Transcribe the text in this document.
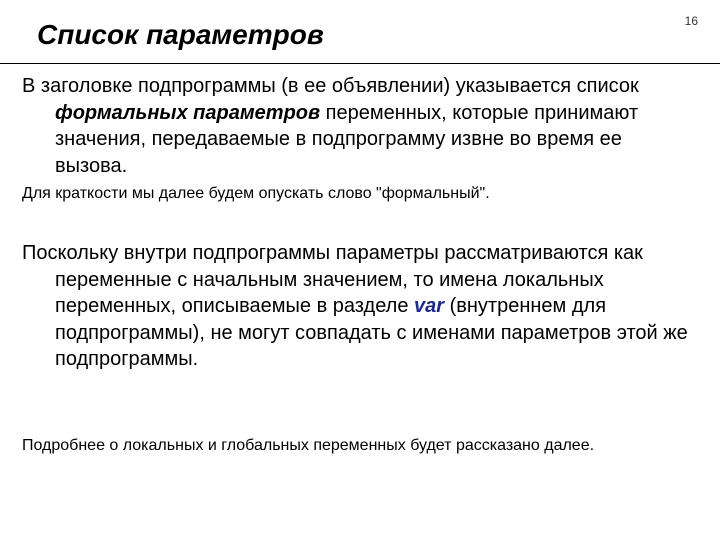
16
Список параметров

В заголовке подпрограммы (в ее объявлении) указывается список формальных параметров переменных, которые принимают значения, передаваемые в подпрограмму извне во время ее вызова.

Для краткости мы далее будем опускать слово "формальный".

Поскольку внутри подпрограммы параметры рассматриваются как переменные с начальным значением, то имена локальных переменных, описываемые в разделе var (внутреннем для подпрограммы), не могут совпадать с именами параметров этой же подпрограммы.

Подробнее о локальных и глобальных переменных будет рассказано далее.
